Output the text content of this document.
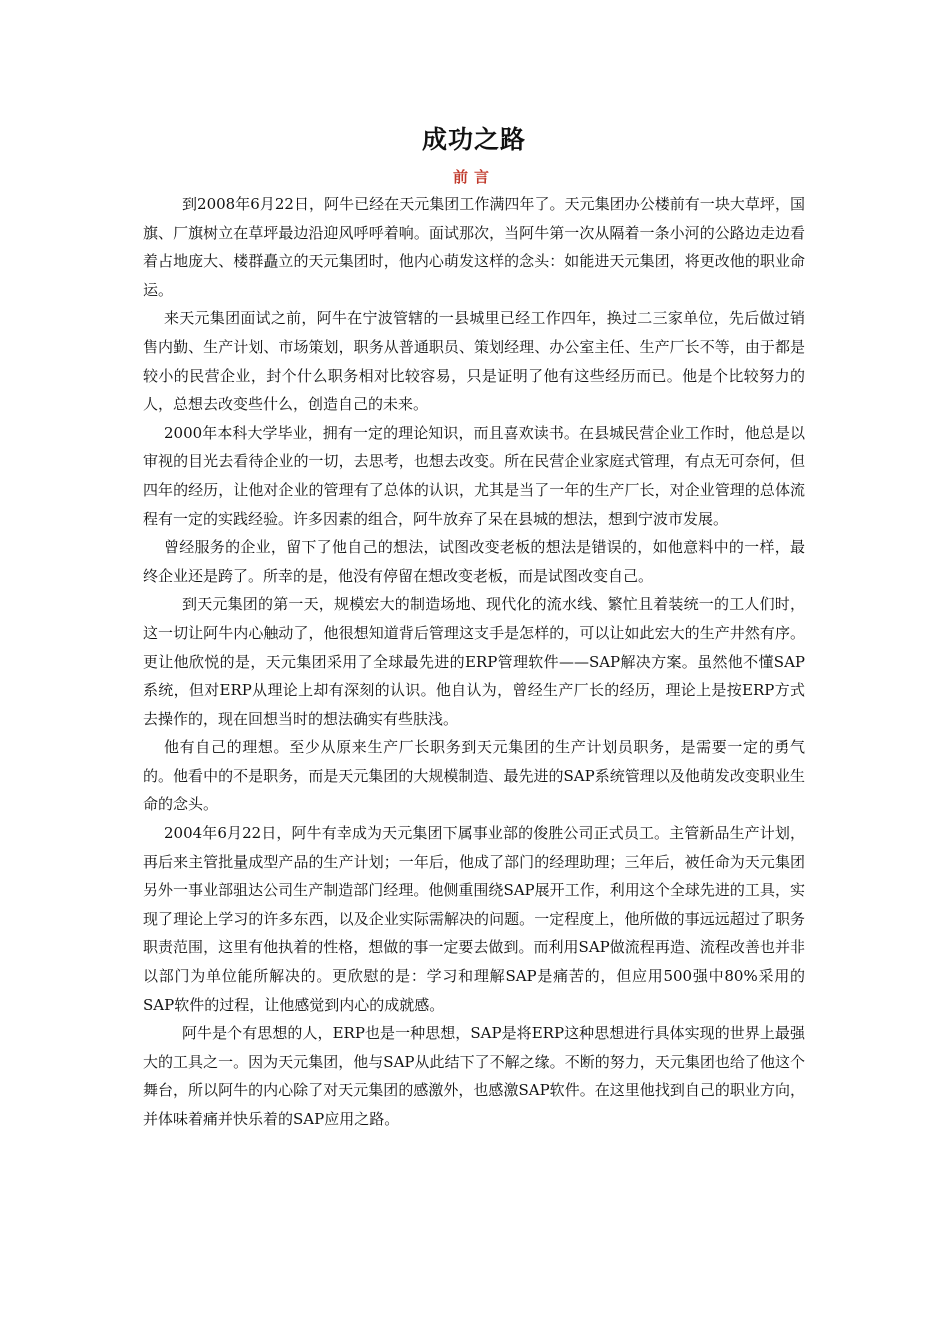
成功之路
前言

到2008年6月22日，阿牛已经在天元集团工作满四年了。天元集团办公楼前有一块大草坪，国旗、厂旗树立在草坪最边沿迎风呼呼着响。面试那次，当阿牛第一次从隔着一条小河的公路边走边看着占地庞大、楼群矗立的天元集团时，他内心萌发这样的念头：如能进天元集团，将更改他的职业命运。

来天元集团面试之前，阿牛在宁波管辖的一县城里已经工作四年，换过二三家单位，先后做过销售内勤、生产计划、市场策划，职务从普通职员、策划经理、办公室主任、生产厂长不等，由于都是较小的民营企业，封个什么职务相对比较容易，只是证明了他有这些经历而已。他是个比较努力的人，总想去改变些什么，创造自己的未来。

2000年本科大学毕业，拥有一定的理论知识，而且喜欢读书。在县城民营企业工作时，他总是以审视的目光去看待企业的一切，去思考，也想去改变。所在民营企业家庭式管理，有点无可奈何，但四年的经历，让他对企业的管理有了总体的认识，尤其是当了一年的生产厂长，对企业管理的总体流程有一定的实践经验。许多因素的组合，阿牛放弃了呆在县城的想法，想到宁波市发展。

曾经服务的企业，留下了他自己的想法，试图改变老板的想法是错误的，如他意料中的一样，最终企业还是跨了。所幸的是，他没有停留在想改变老板，而是试图改变自己。

到天元集团的第一天，规模宏大的制造场地、现代化的流水线、繁忙且着装统一的工人们时，这一切让阿牛内心触动了，他很想知道背后管理这支手是怎样的，可以让如此宏大的生产井然有序。更让他欣悦的是，天元集团采用了全球最先进的ERP管理软件——SAP解决方案。虽然他不懂SAP系统，但对ERP从理论上却有深刻的认识。他自认为，曾经生产厂长的经历，理论上是按ERP方式去操作的，现在回想当时的想法确实有些肤浅。

他有自己的理想。至少从原来生产厂长职务到天元集团的生产计划员职务，是需要一定的勇气的。他看中的不是职务，而是天元集团的大规模制造、最先进的SAP系统管理以及他萌发改变职业生命的念头。

2004年6月22日，阿牛有幸成为天元集团下属事业部的俊胜公司正式员工。主管新品生产计划，再后来主管批量成型产品的生产计划；一年后，他成了部门的经理助理；三年后，被任命为天元集团另外一事业部驵达公司生产制造部门经理。他侧重围绕SAP展开工作，利用这个全球先进的工具，实现了理论上学习的许多东西，以及企业实际需解决的问题。一定程度上，他所做的事远远超过了职务职责范围，这里有他执着的性格，想做的事一定要去做到。而利用SAP做流程再造、流程改善也并非以部门为单位能所解决的。更欣慰的是：学习和理解SAP是痛苦的，但应用500强中80%采用的SAP软件的过程，让他感觉到内心的成就感。

阿牛是个有思想的人，ERP也是一种思想，SAP是将ERP这种思想进行具体实现的世界上最强大的工具之一。因为天元集团，他与SAP从此结下了不解之缘。不断的努力，天元集团也给了他这个舞台，所以阿牛的内心除了对天元集团的感激外，也感激SAP软件。在这里他找到自己的职业方向，并体味着痛并快乐着的SAP应用之路。
